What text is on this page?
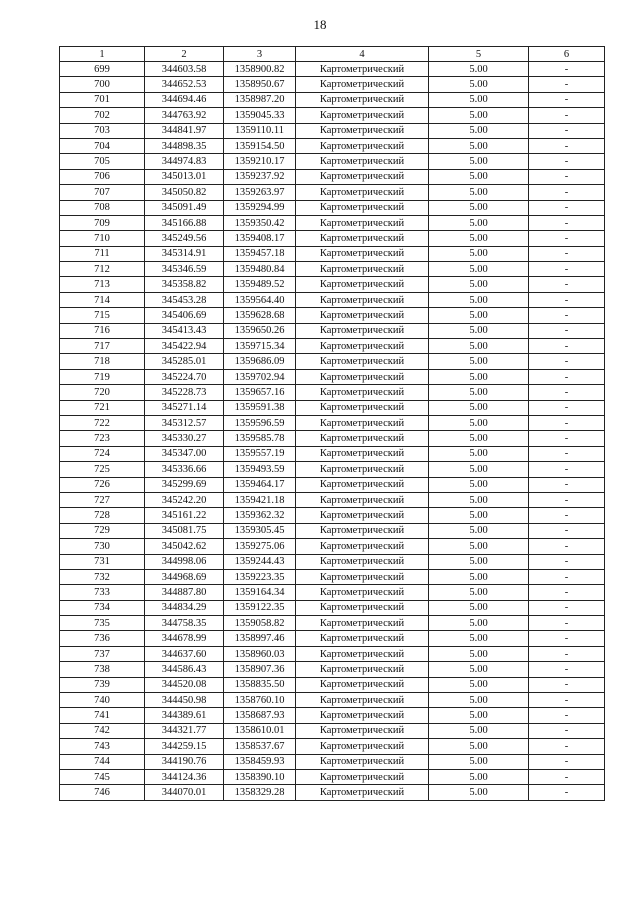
18
1	2	3	4	5	6
699	344603.58	1358900.82	Картометрический	5.00	-
700	344652.53	1358950.67	Картометрический	5.00	-
701	344694.46	1358987.20	Картометрический	5.00	-
702	344763.92	1359045.33	Картометрический	5.00	-
703	344841.97	1359110.11	Картометрический	5.00	-
704	344898.35	1359154.50	Картометрический	5.00	-
705	344974.83	1359210.17	Картометрический	5.00	-
706	345013.01	1359237.92	Картометрический	5.00	-
707	345050.82	1359263.97	Картометрический	5.00	-
708	345091.49	1359294.99	Картометрический	5.00	-
709	345166.88	1359350.42	Картометрический	5.00	-
710	345249.56	1359408.17	Картометрический	5.00	-
711	345314.91	1359457.18	Картометрический	5.00	-
712	345346.59	1359480.84	Картометрический	5.00	-
713	345358.82	1359489.52	Картометрический	5.00	-
714	345453.28	1359564.40	Картометрический	5.00	-
715	345406.69	1359628.68	Картометрический	5.00	-
716	345413.43	1359650.26	Картометрический	5.00	-
717	345422.94	1359715.34	Картометрический	5.00	-
718	345285.01	1359686.09	Картометрический	5.00	-
719	345224.70	1359702.94	Картометрический	5.00	-
720	345228.73	1359657.16	Картометрический	5.00	-
721	345271.14	1359591.38	Картометрический	5.00	-
722	345312.57	1359596.59	Картометрический	5.00	-
723	345330.27	1359585.78	Картометрический	5.00	-
724	345347.00	1359557.19	Картометрический	5.00	-
725	345336.66	1359493.59	Картометрический	5.00	-
726	345299.69	1359464.17	Картометрический	5.00	-
727	345242.20	1359421.18	Картометрический	5.00	-
728	345161.22	1359362.32	Картометрический	5.00	-
729	345081.75	1359305.45	Картометрический	5.00	-
730	345042.62	1359275.06	Картометрический	5.00	-
731	344998.06	1359244.43	Картометрический	5.00	-
732	344968.69	1359223.35	Картометрический	5.00	-
733	344887.80	1359164.34	Картометрический	5.00	-
734	344834.29	1359122.35	Картометрический	5.00	-
735	344758.35	1359058.82	Картометрический	5.00	-
736	344678.99	1358997.46	Картометрический	5.00	-
737	344637.60	1358960.03	Картометрический	5.00	-
738	344586.43	1358907.36	Картометрический	5.00	-
739	344520.08	1358835.50	Картометрический	5.00	-
740	344450.98	1358760.10	Картометрический	5.00	-
741	344389.61	1358687.93	Картометрический	5.00	-
742	344321.77	1358610.01	Картометрический	5.00	-
743	344259.15	1358537.67	Картометрический	5.00	-
744	344190.76	1358459.93	Картометрический	5.00	-
745	344124.36	1358390.10	Картометрический	5.00	-
746	344070.01	1358329.28	Картометрический	5.00	-
